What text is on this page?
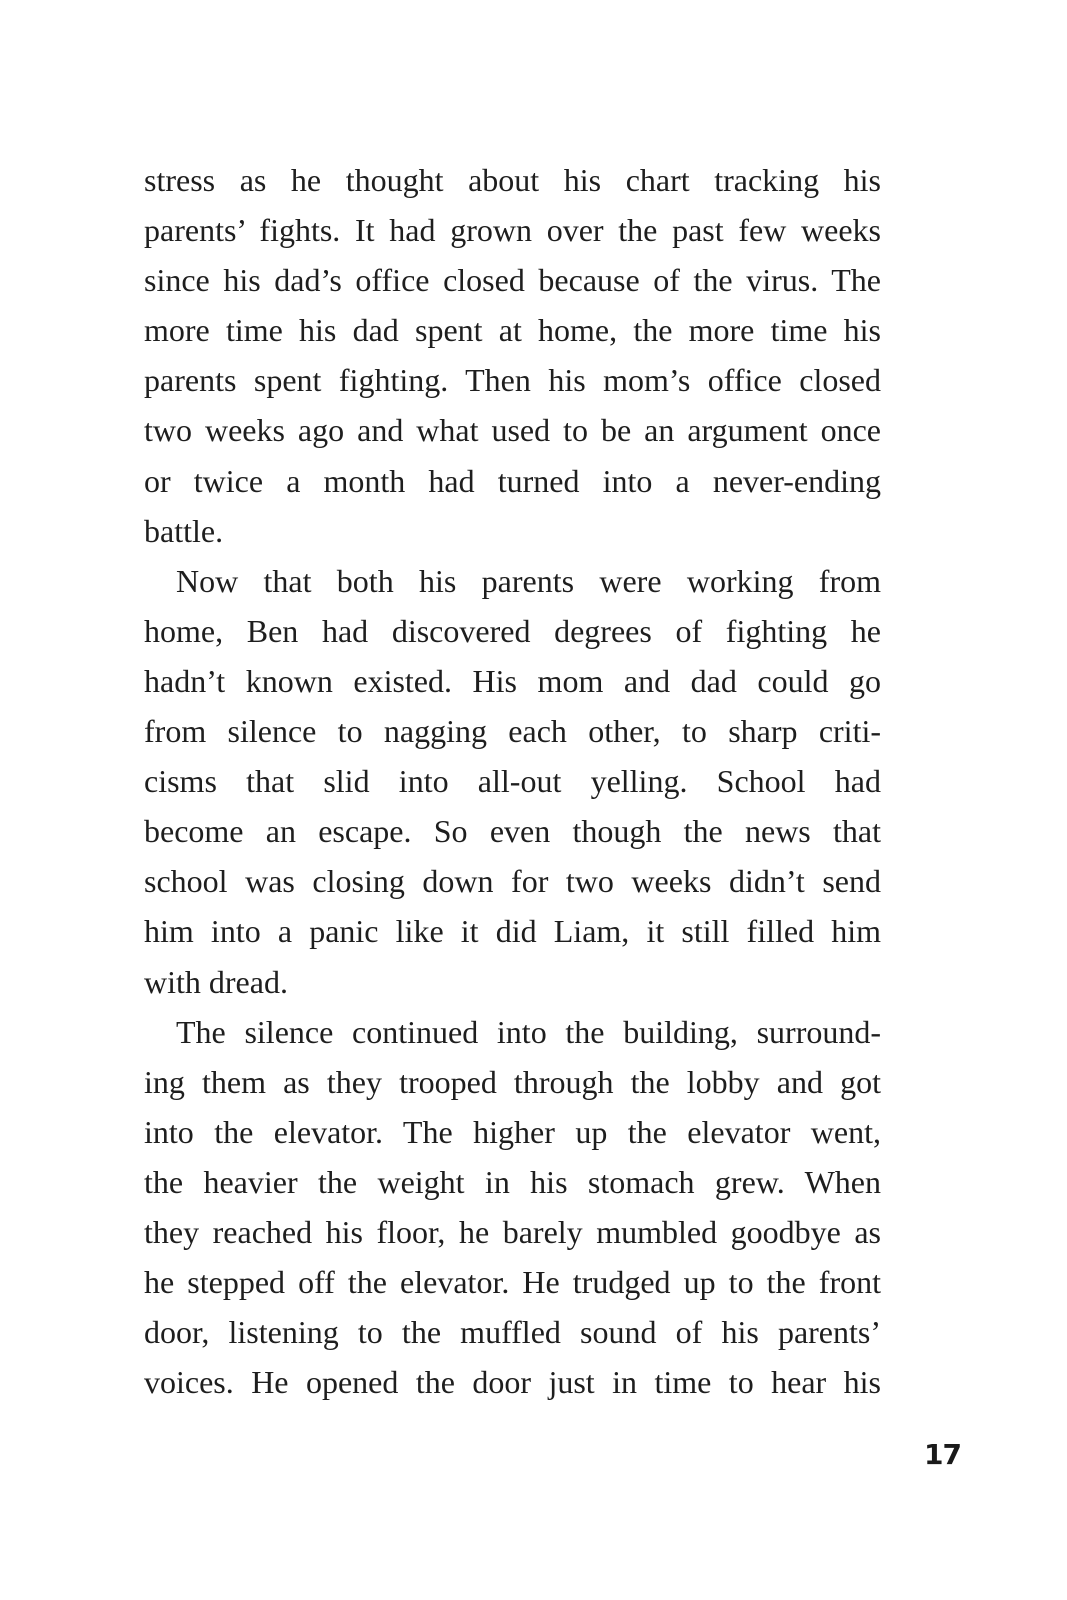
stress as he thought about his chart tracking his
parents’ fights. It had grown over the past few weeks
since his dad’s office closed because of the virus. The
more time his dad spent at home, the more time his
parents spent fighting. Then his mom’s office closed
two weeks ago and what used to be an argument once
or twice a month had turned into a never-ending
battle.
Now that both his parents were working from
home, Ben had discovered degrees of fighting he
hadn’t known existed. His mom and dad could go
from silence to nagging each other, to sharp criti-
cisms that slid into all-out yelling. School had
become an escape. So even though the news that
school was closing down for two weeks didn’t send
him into a panic like it did Liam, it still filled him
with dread.
The silence continued into the building, surround-
ing them as they trooped through the lobby and got
into the elevator. The higher up the elevator went,
the heavier the weight in his stomach grew. When
they reached his floor, he barely mumbled goodbye as
he stepped off the elevator. He trudged up to the front
door, listening to the muffled sound of his parents’
voices. He opened the door just in time to hear his
17
